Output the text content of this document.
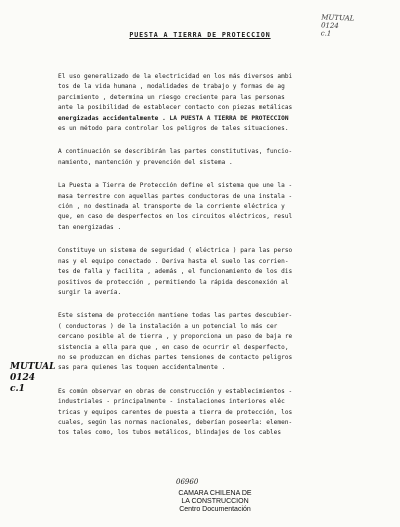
MUTUAL
0124
c.1
PUESTA A TIERRA DE PROTECCION
El uso generalizado de la electricidad en los más diversos ambi
tos de la vida humana , modalidades de trabajo y formas de ag
parcimiento , determina un riesgo creciente para las personas
ante la posibilidad de establecer contacto con piezas metálicas
energizadas accidentalmente . LA PUESTA A TIERRA DE PROTECCION
es un método para controlar los peligros de tales situaciones.
A continuación se describirán las partes constitutivas, funcio-
namiento, mantención y prevención del sistema .
La Puesta a Tierra de Protección define el sistema que une la -
masa terrestre con aquellas partes conductoras de una instala -
ción , no destinada al transporte de la corriente eléctrica y
que, en caso de desperfectos en los circuitos eléctricos, resul
tan energizadas .
Constituye un sistema de seguridad ( eléctrica ) para las perso
nas y el equipo conectado . Deriva hasta el suelo las corrien-
tes de falla y facilita , además , el funcionamiento de los dis
positivos de protección , permitiendo la rápida desconexión al
surgir la avería.
Este sistema de protección mantiene todas las partes descubier-
( conductoras ) de la instalación a un potencial lo más cer
cercano posible al de tierra , y proporciona un paso de baja re
sistencia a ella para que , en caso de ocurrir el desperfecto,
no se produzcan en dichas partes tensiones de contacto peligros
sas para quienes las toquen accidentalmente .
Es común observar en obras de construcción y establecimientos -
industriales - principalmente - instalaciones interiores eléc
tricas y equipos carentes de puesta a tierra de protección, los
cuales, según las normas nacionales, deberían poseerla: elemen-
tos tales como, los tubos metálicos, blindajes de los cables
MUTUAL
0124
c.1
06960
CAMARA CHILENA DE
LA CONSTRUCCION
Centro Documentación
